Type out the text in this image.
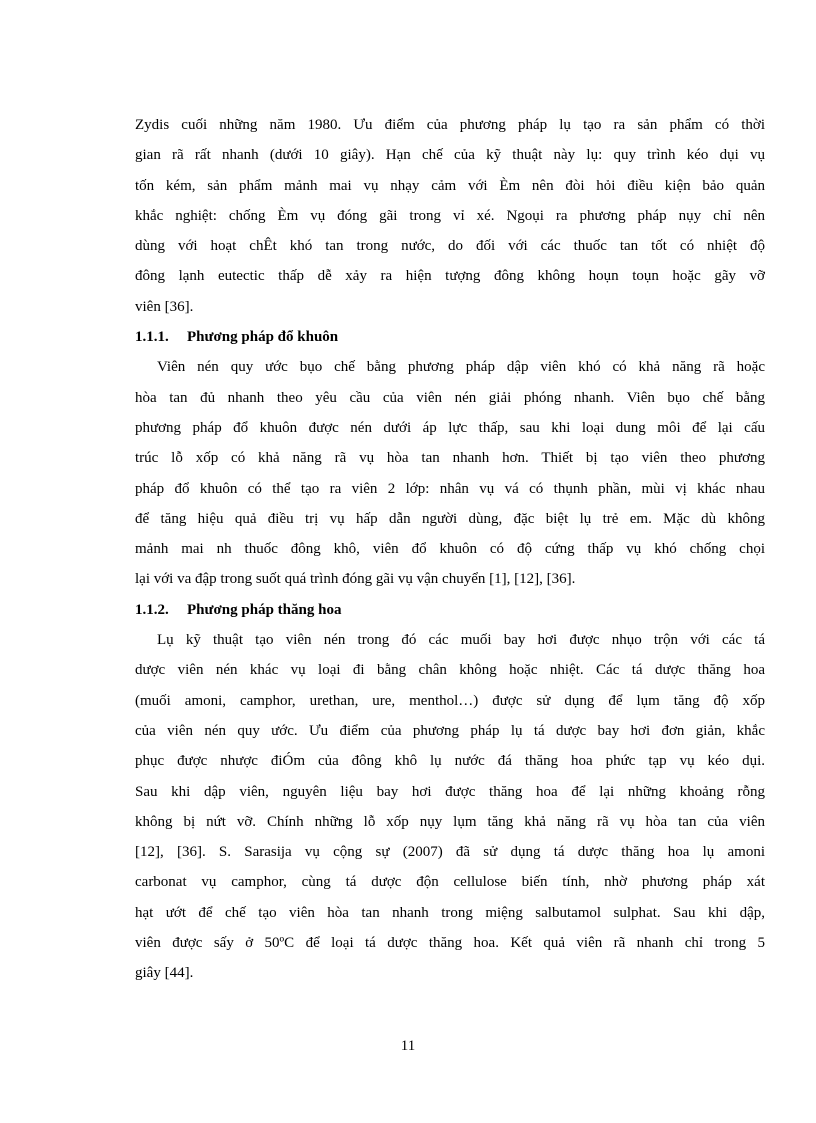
Zydis cuối những năm 1980. Ưu điểm của phương pháp lụ tạo ra sản phẩm có thời
gian rã rất nhanh (dưới 10 giây). Hạn chế của kỹ thuật này lụ: quy trình kéo dụi vụ
tốn kém, sản phẩm mảnh mai vụ nhạy cảm với Èm nên đòi hỏi điều kiện bảo quản
khắc nghiệt: chống Èm vụ đóng gãi trong vỉ xé. Ngoụi ra phương pháp nụy chỉ nên
dùng với hoạt chÊt khó tan trong nước, do đối với các thuốc tan tốt có nhiệt độ
đông lạnh eutectic thấp dễ xảy ra hiện tượng đông không hoụn toụn hoặc gãy vỡ
viên [36].
1.1.1. Phương pháp đổ khuôn
Viên nén quy ước bụo chế bằng phương pháp dập viên khó có khả năng rã hoặc
hòa tan đủ nhanh theo yêu cầu của viên nén giải phóng nhanh. Viên bụo chế bằng
phương pháp đổ khuôn được nén dưới áp lực thấp, sau khi loại dung môi để lại cấu
trúc lỗ xốp có khả năng rã vụ hòa tan nhanh hơn. Thiết bị tạo viên theo phương
pháp đổ khuôn có thể tạo ra viên 2 lớp: nhân vụ vá có thụnh phần, mùi vị khác nhau
để tăng hiệu quả điều trị vụ hấp dẫn người dùng, đặc biệt lụ trẻ em. Mặc dù không
mảnh mai nh thuốc đông khô, viên đổ khuôn có độ cứng thấp vụ khó chống chọi
lại với va đập trong suốt quá trình đóng gãi vụ vận chuyển [1], [12], [36].
1.1.2. Phương pháp thăng hoa
Lụ kỹ thuật tạo viên nén trong đó các muối bay hơi được nhụo trộn với các tá
dược viên nén khác vụ loại đi bằng chân không hoặc nhiệt. Các tá dược thăng hoa
(muối amoni, camphor, urethan, ure, menthol…) được sử dụng để lụm tăng độ xốp
của viên nén quy ước. Ưu điểm của phương pháp lụ tá dược bay hơi đơn giản, khắc
phục được nhược điÓm của đông khô lụ nước đá thăng hoa phức tạp vụ kéo dụi.
Sau khi dập viên, nguyên liệu bay hơi được thăng hoa để lại những khoảng rỗng
không bị nứt vỡ. Chính những lỗ xốp nụy lụm tăng khả năng rã vụ hòa tan của viên
[12], [36]. S. Sarasija vụ cộng sự (2007) đã sử dụng tá dược thăng hoa lụ amoni
carbonat vụ camphor, cùng tá dược độn cellulose biến tính, nhờ phương pháp xát
hạt ướt để chế tạo viên hòa tan nhanh trong miệng salbutamol sulphat. Sau khi dập,
viên được sấy ở 50ºC để loại tá dược thăng hoa. Kết quả viên rã nhanh chỉ trong 5
giây [44].
11
